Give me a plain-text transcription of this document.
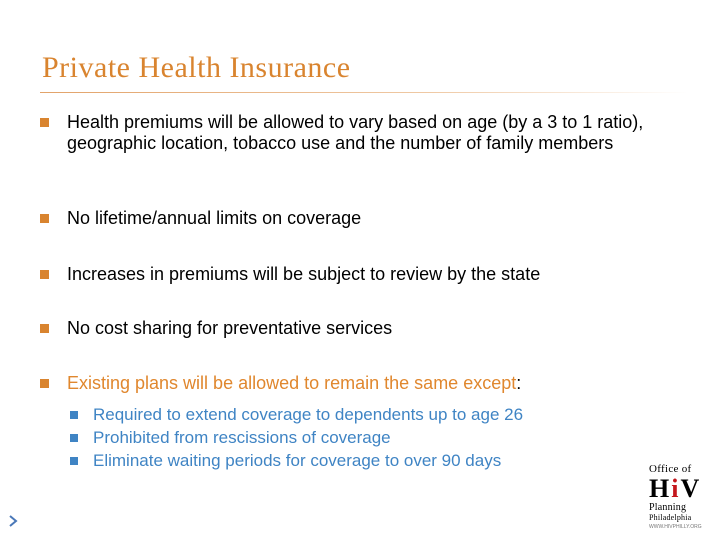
Private Health Insurance
Health premiums will be allowed to vary based on age (by a 3 to 1 ratio), geographic location, tobacco use and the number of family members
No lifetime/annual limits on coverage
Increases in premiums will be subject to review by the state
No cost sharing for preventative services
Existing plans will be allowed to remain the same except:
Required to extend coverage to dependents up to age 26
Prohibited from rescissions of coverage
Eliminate waiting periods for coverage to over 90 days	Office of
HiV
Planning
Philadelphia
WWW.HIVPHILLY.ORG
